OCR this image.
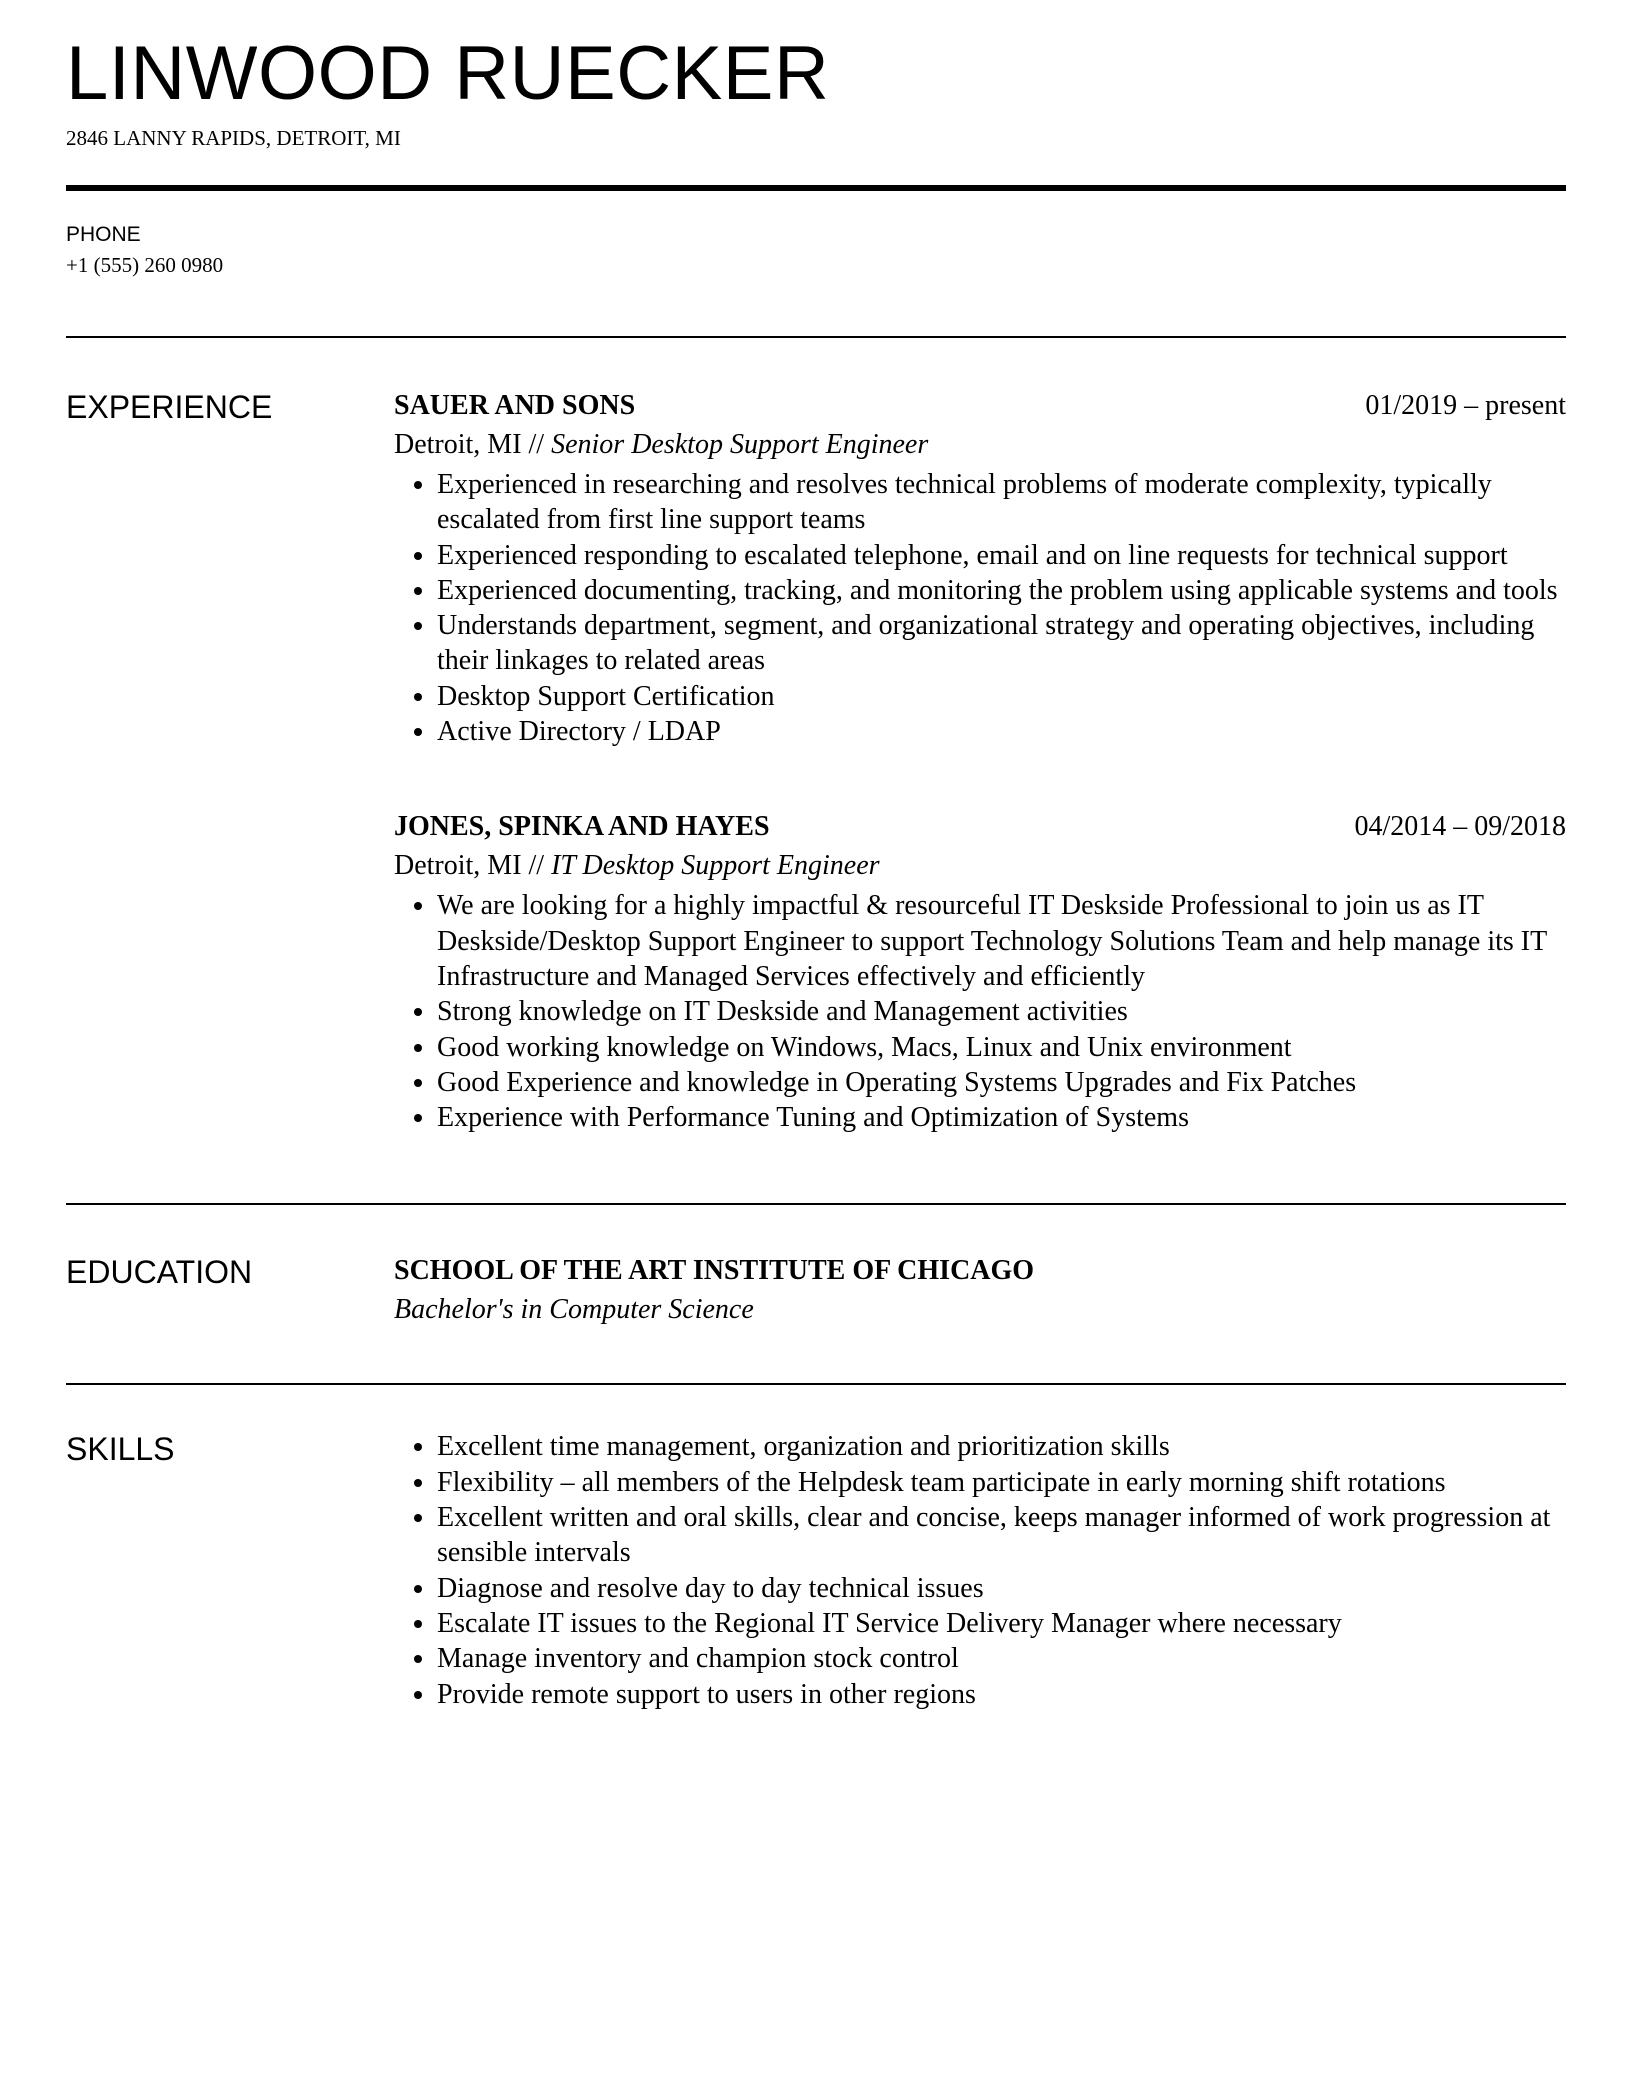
LINWOOD RUECKER
2846 LANNY RAPIDS, DETROIT, MI
PHONE
+1 (555) 260 0980
EXPERIENCE	SAUER AND SONS	01/2019 – present
Detroit, MI // Senior Desktop Support Engineer
• Experienced in researching and resolves technical problems of moderate complexity, typically escalated from first line support teams
• Experienced responding to escalated telephone, email and on line requests for technical support
• Experienced documenting, tracking, and monitoring the problem using applicable systems and tools
• Understands department, segment, and organizational strategy and operating objectives, including their linkages to related areas
• Desktop Support Certification
• Active Directory / LDAP
JONES, SPINKA AND HAYES	04/2014 – 09/2018
Detroit, MI // IT Desktop Support Engineer
• We are looking for a highly impactful & resourceful IT Deskside Professional to join us as IT Deskside/Desktop Support Engineer to support Technology Solutions Team and help manage its IT Infrastructure and Managed Services effectively and efficiently
• Strong knowledge on IT Deskside and Management activities
• Good working knowledge on Windows, Macs, Linux and Unix environment
• Good Experience and knowledge in Operating Systems Upgrades and Fix Patches
• Experience with Performance Tuning and Optimization of Systems
EDUCATION	SCHOOL OF THE ART INSTITUTE OF CHICAGO
Bachelor's in Computer Science
SKILLS
•	Excellent time management, organization and prioritization skills
• Flexibility – all members of the Helpdesk team participate in early morning shift rotations
• Excellent written and oral skills, clear and concise, keeps manager informed of work progression at sensible intervals
• Diagnose and resolve day to day technical issues
• Escalate IT issues to the Regional IT Service Delivery Manager where necessary
• Manage inventory and champion stock control
• Provide remote support to users in other regions
